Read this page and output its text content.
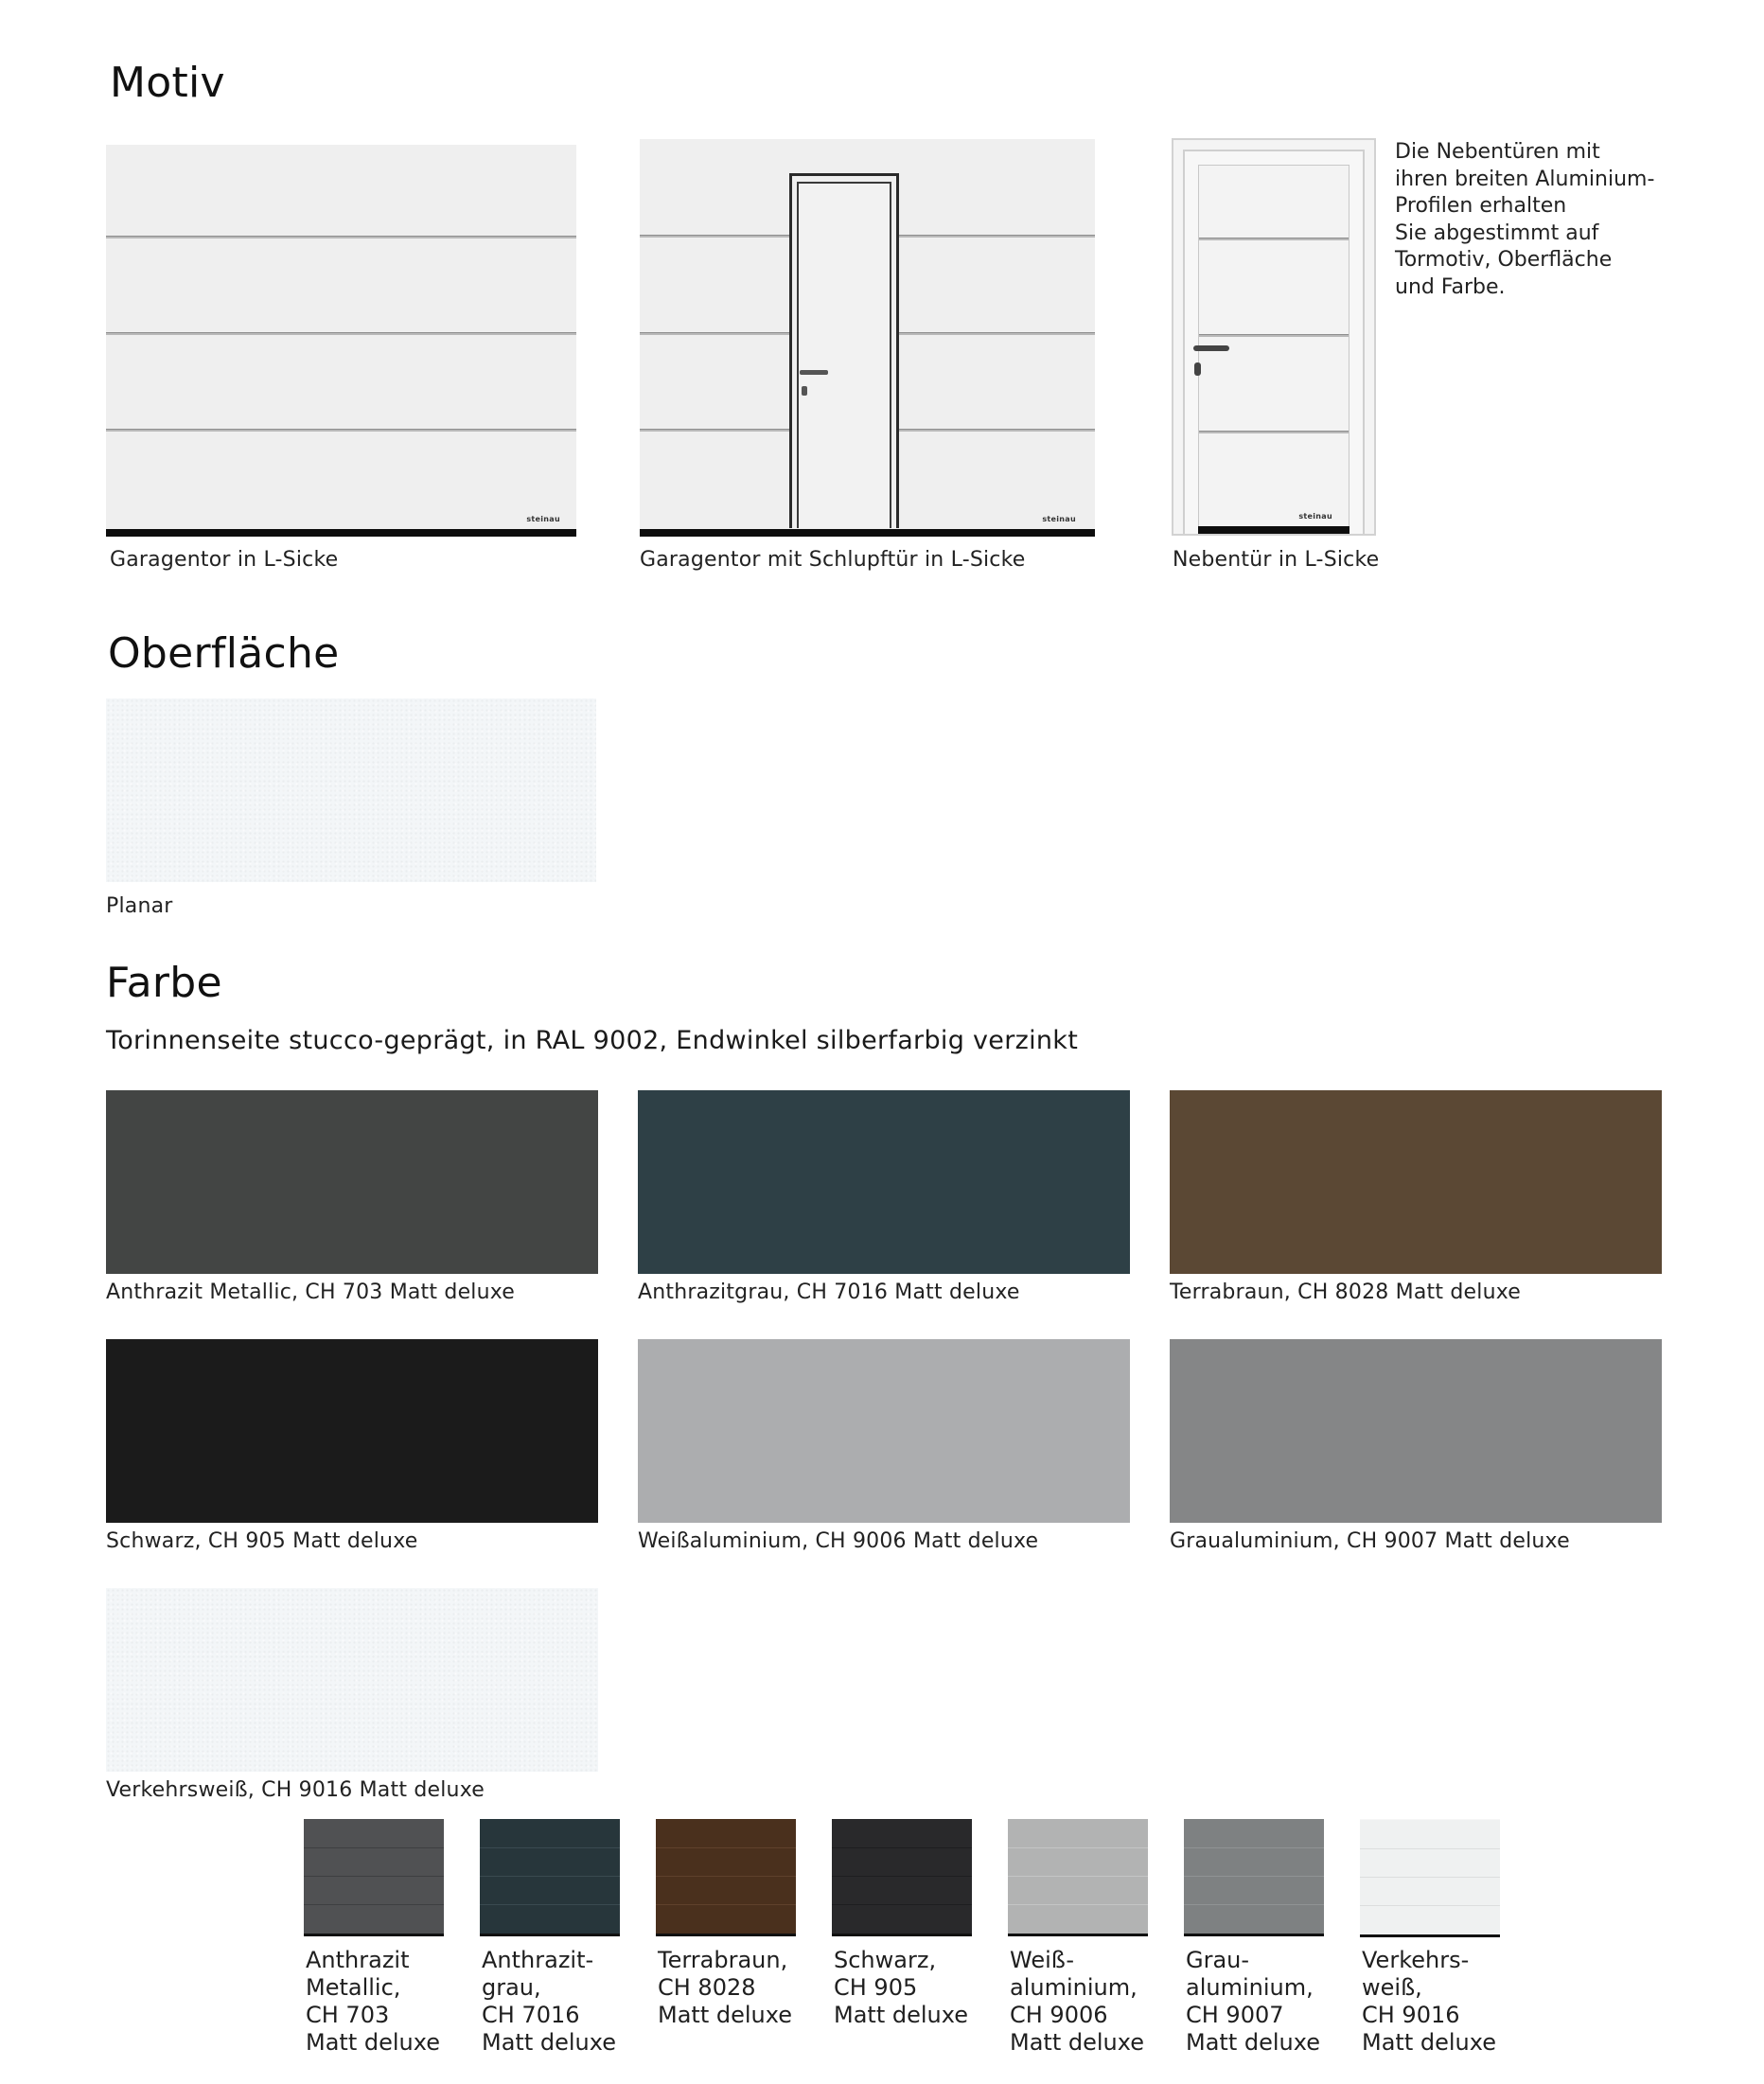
Motiv
steinau
Garagentor in L-Sicke
steinau
Garagentor mit Schlupftür in L-Sicke
steinau
Nebentür in L-Sicke
Die Nebentüren mit
ihren breiten Aluminium-
Profilen erhalten
Sie abgestimmt auf
Tormotiv, Oberfläche
und Farbe.
Oberfläche
Planar
Farbe
Torinnenseite stucco-geprägt, in RAL 9002, Endwinkel silberfarbig verzinkt
Anthrazit Metallic, CH 703 Matt deluxe	Anthrazitgrau, CH 7016 Matt deluxe	Terrabraun, CH 8028 Matt deluxe
Schwarz, CH 905 Matt deluxe	Weißaluminium, CH 9006 Matt deluxe	Graualuminium, CH 9007 Matt deluxe
Verkehrsweiß, CH 9016 Matt deluxe
Anthrazit
Metallic,
CH 703
Matt deluxe
Anthrazit-
grau,
CH 7016
Matt deluxe
Terrabraun,
CH 8028
Matt deluxe
Schwarz,
CH 905
Matt deluxe
Weiß-
aluminium,
CH 9006
Matt deluxe
Grau-
aluminium,
CH 9007
Matt deluxe
Verkehrs-
weiß,
CH 9016
Matt deluxe
